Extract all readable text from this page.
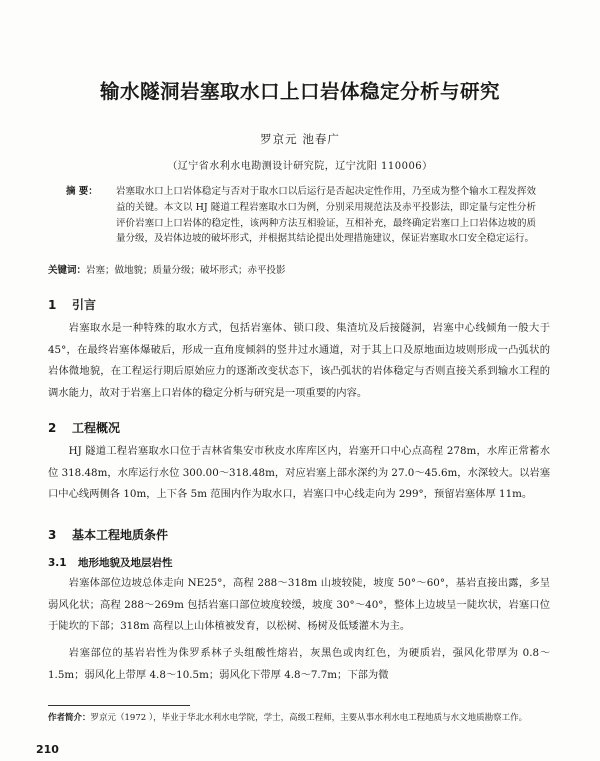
输水隧洞岩塞取水口上口岩体稳定分析与研究
罗京元 池春广
（辽宁省水利水电勘测设计研究院，辽宁沈阳 110006）
摘 要：	岩塞取水口上口岩体稳定与否对于取水口以后运行是否起决定性作用，乃至成为整个输水工程发挥效益的关键。本文以 HJ 隧道工程岩塞取水口为例，分别采用规范法及赤平投影法，即定量与定性分析评价岩塞口上口岩体的稳定性，该两种方法互相验证，互相补充，最终确定岩塞口上口岩体边坡的质量分级，及岩体边坡的破坏形式，并根据其结论提出处理措施建议，保证岩塞取水口安全稳定运行。
关键词：岩塞；做地貌；质量分级；破坏形式；赤平投影
1 引言
岩塞取水是一种特殊的取水方式，包括岩塞体、锁口段、集渣坑及后接隧洞，岩塞中心线倾角一般大于 45°，在最终岩塞体爆破后，形成一直角度倾斜的竖井过水通道，对于其上口及原地面边坡则形成一凸弧状的岩体微地貌，在工程运行期后原始应力的逐渐改变状态下，该凸弧状的岩体稳定与否则直接关系到输水工程的调水能力，故对于岩塞上口岩体的稳定分析与研究是一项重要的内容。
2 工程概况
HJ 隧道工程岩塞取水口位于吉林省集安市秋皮水库库区内，岩塞开口中心点高程 278m，水库正常蓄水位 318.48m，水库运行水位 300.00～318.48m，对应岩塞上部水深约为 27.0～45.6m，水深较大。以岩塞口中心线两侧各 10m，上下各 5m 范围内作为取水口，岩塞口中心线走向为 299°，预留岩塞体厚 11m。
3 基本工程地质条件
3.1 地形地貌及地层岩性
岩塞体部位边坡总体走向 NE25°，高程 288～318m 山坡较陡，坡度 50°～60°，基岩直接出露，多呈弱风化状；高程 288～269m 包括岩塞口部位坡度较缓，坡度 30°～40°，整体上边坡呈一陡坎状，岩塞口位于陡坎的下部；318m 高程以上山体植被发育，以松树、杨树及低矮灌木为主。
岩塞部位的基岩岩性为侏罗系林子头组酸性熔岩，灰黑色或肉红色，为硬质岩，强风化带厚为 0.8～1.5m；弱风化上带厚 4.8～10.5m；弱风化下带厚 4.8～7.7m；下部为微
作者简介：罗京元（1972 ），毕业于华北水利水电学院，学士，高级工程师，主要从事水利水电工程地质与水文地质勘察工作。
210
